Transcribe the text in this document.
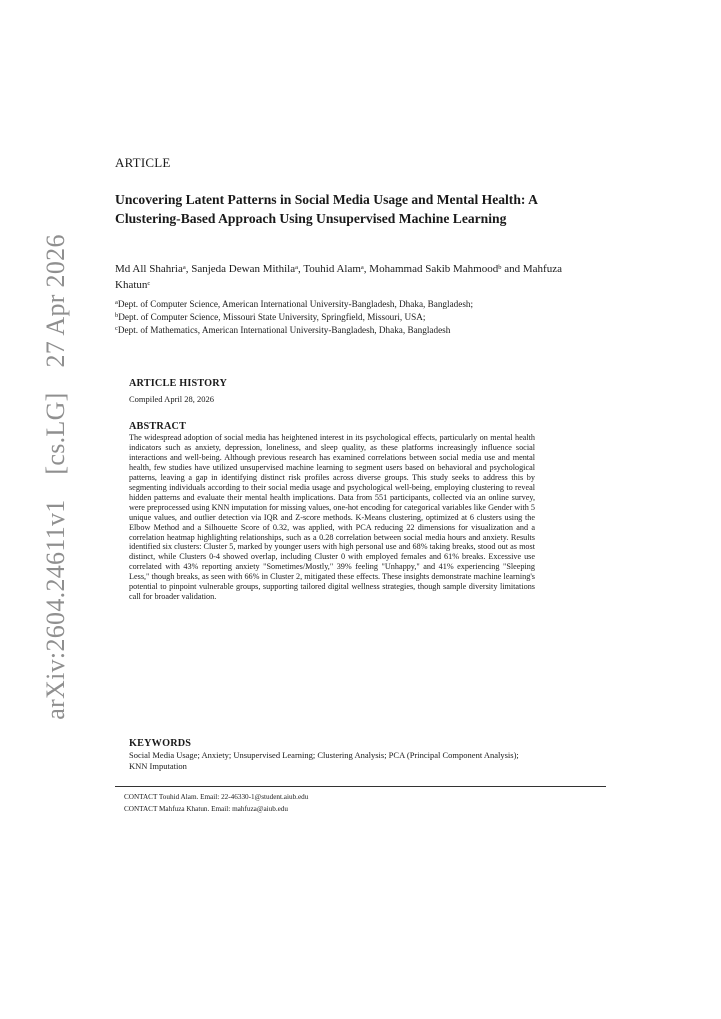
arXiv:2604.24611v1 [cs.LG] 27 Apr 2026
ARTICLE
Uncovering Latent Patterns in Social Media Usage and Mental Health: A Clustering-Based Approach Using Unsupervised Machine Learning
Md All Shahria$^a$, Sanjeda Dewan Mithila$^a$, Touhid Alam$^a$, Mohammad Sakib Mahmood$^b$ and Mahfuza Khatun$^c$
$^a$Dept. of Computer Science, American International University-Bangladesh, Dhaka, Bangladesh;
$^b$Dept. of Computer Science, Missouri State University, Springfield, Missouri, USA;
$^c$Dept. of Mathematics, American International University-Bangladesh, Dhaka, Bangladesh
ARTICLE HISTORY
Compiled April 28, 2026
ABSTRACT

The widespread adoption of social media has heightened interest in its psychological effects, particularly on mental health indicators such as anxiety, depression, loneliness, and sleep quality, as these platforms increasingly influence social interactions and well-being. Although previous research has examined correlations between social media use and mental health, few studies have utilized unsupervised machine learning to segment users based on behavioral and psychological patterns, leaving a gap in identifying distinct risk profiles across diverse groups. This study seeks to address this by segmenting individuals according to their social media usage and psychological well-being, employing clustering to reveal hidden patterns and evaluate their mental health implications. Data from 551 participants, collected via an online survey, were preprocessed using KNN imputation for missing values, one-hot encoding for categorical variables like Gender with 5 unique values, and outlier detection via IQR and Z-score methods. K-Means clustering, optimized at 6 clusters using the Elbow Method and a Silhouette Score of 0.32, was applied, with PCA reducing 22 dimensions for visualization and a correlation heatmap highlighting relationships, such as a 0.28 correlation between social media hours and anxiety. Results identified six clusters: Cluster 5, marked by younger users with high personal use and 68% taking breaks, stood out as most distinct, while Clusters 0-4 showed overlap, including Cluster 0 with employed females and 61% breaks. Excessive use correlated with 43% reporting anxiety "Sometimes/Mostly," 39% feeling "Unhappy," and 41% experiencing "Sleeping Less," though breaks, as seen with 66% in Cluster 2, mitigated these effects. These insights demonstrate machine learning's potential to pinpoint vulnerable groups, supporting tailored digital wellness strategies, though sample diversity limitations call for broader validation.

KEYWORDS
Social Media Usage; Anxiety; Unsupervised Learning; Clustering Analysis; PCA (Principal Component Analysis); KNN Imputation
CONTACT Touhid Alam. Email: 22-46330-1@student.aiub.edu
CONTACT Mahfuza Khatun. Email: mahfuza@aiub.edu
